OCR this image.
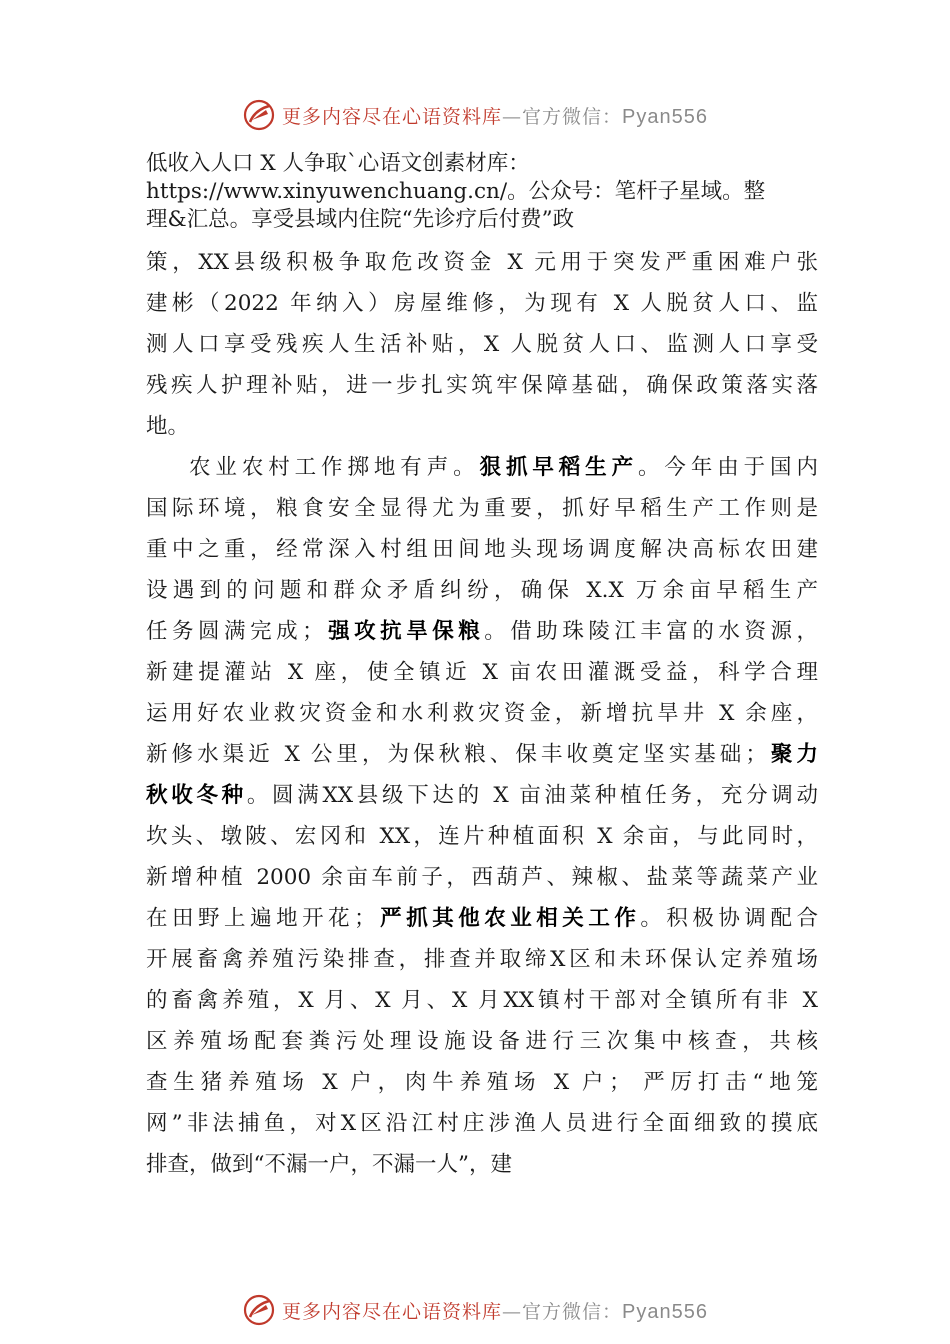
更多内容尽在心语资料库—官方微信：Pyan556

低收入人口 X 人争取`心语文创素材库：

https://www.xinyuwenchuang.cn/。公众号：笔杆子星域。整

理&汇总。享受县域内住院“先诊疗后付费”政

策，XX县级积极争取危改资金 X 元用于突发严重困难户张
建彬（2022 年纳入）房屋维修，为现有 X 人脱贫人口、监
测人口享受残疾人生活补贴，X 人脱贫人口、监测人口享受
残疾人护理补贴，进一步扎实筑牢保障基础，确保政策落实落
地。
农业农村工作掷地有声。狠抓早稻生产。今年由于国内
国际环境，粮食安全显得尤为重要，抓好早稻生产工作则是
重中之重，经常深入村组田间地头现场调度解决高标农田建
设遇到的问题和群众矛盾纠纷，确保 X.X 万余亩早稻生产
任务圆满完成；强攻抗旱保粮。借助珠陵江丰富的水资源，
新建提灌站 X 座，使全镇近 X 亩农田灌溉受益，科学合理
运用好农业救灾资金和水利救灾资金，新增抗旱井 X 余座，
新修水渠近 X 公里，为保秋粮、保丰收奠定坚实基础；聚力
秋收冬种。圆满XX县级下达的 X 亩油菜种植任务，充分调动
坎头、墩陂、宏冈和 XX，连片种植面积 X 余亩，与此同时，
新增种植 2000 余亩车前子，西葫芦、辣椒、盐菜等蔬菜产业
在田野上遍地开花；严抓其他农业相关工作。积极协调配合
开展畜禽养殖污染排查，排查并取缔X区和未环保认定养殖场
的畜禽养殖，X 月、X 月、X 月XX镇村干部对全镇所有非 X
区养殖场配套粪污处理设施设备进行三次集中核查，共核
查生猪养殖场 X 户，肉牛养殖场 X 户； 严厉打击“地笼
网”非法捕鱼，对X区沿江村庄涉渔人员进行全面细致的摸底
排查，做到“不漏一户，不漏一人”，建
更多内容尽在心语资料库—官方微信：Pyan556
